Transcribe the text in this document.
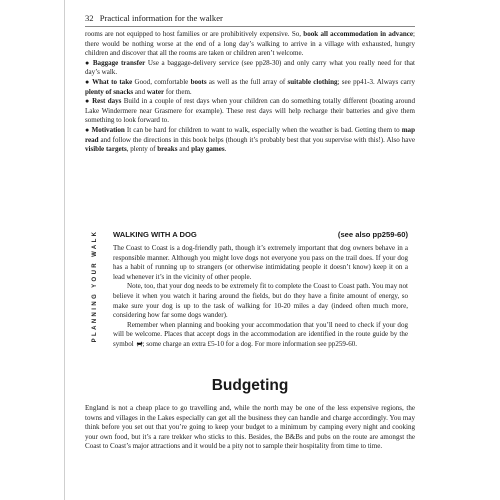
32 Practical information for the walker

rooms are not equipped to host families or are prohibitively expensive. So, book all accommodation in advance; there would be nothing worse at the end of a long day’s walking to arrive in a village with exhausted, hungry children and discover that all the rooms are taken or children aren’t welcome.

● Baggage transfer Use a baggage-delivery service (see pp28-30) and only carry what you really need for that day’s walk.

● What to take Good, comfortable boots as well as the full array of suitable clothing; see pp41-3. Always carry plenty of snacks and water for them.

● Rest days Build in a couple of rest days when your children can do something totally different (boating around Lake Windermere near Grasmere for example). These rest days will help recharge their batteries and give them something to look forward to.

● Motivation It can be hard for children to want to walk, especially when the weather is bad. Getting them to map read and follow the directions in this book helps (though it’s probably best that you supervise with this!). Also have visible targets, plenty of breaks and play games.

PLANNING YOUR WALK WALKING WITH A DOG	(see also pp259-60)

The Coast to Coast is a dog-friendly path, though it’s extremely important that dog owners behave in a responsible manner. Although you might love dogs not everyone you pass on the trail does. If your dog has a habit of running up to strangers (or otherwise intimidating people it doesn’t know) keep it on a lead whenever it’s in the vicinity of other people.

Note, too, that your dog needs to be extremely fit to complete the Coast to Coast path. You may not believe it when you watch it haring around the fields, but do they have a finite amount of energy, so make sure your dog is up to the task of walking for 10-20 miles a day (indeed often much more, considering how far some dogs wander).

Remember when planning and booking your accommodation that you’ll need to check if your dog will be welcome. Places that accept dogs in the accommodation are identified in the route guide by the symbol ; some charge an extra £5-10 for a dog. For more information see pp259-60.

Budgeting

England is not a cheap place to go travelling and, while the north may be one of the less expensive regions, the towns and villages in the Lakes especially can get all the business they can handle and charge accordingly. You may think before you set out that you’re going to keep your budget to a minimum by camping every night and cooking your own food, but it’s a rare trekker who sticks to this. Besides, the B&Bs and pubs on the route are amongst the Coast to Coast’s major attractions and it would be a pity not to sample their hospitality from time to time.
